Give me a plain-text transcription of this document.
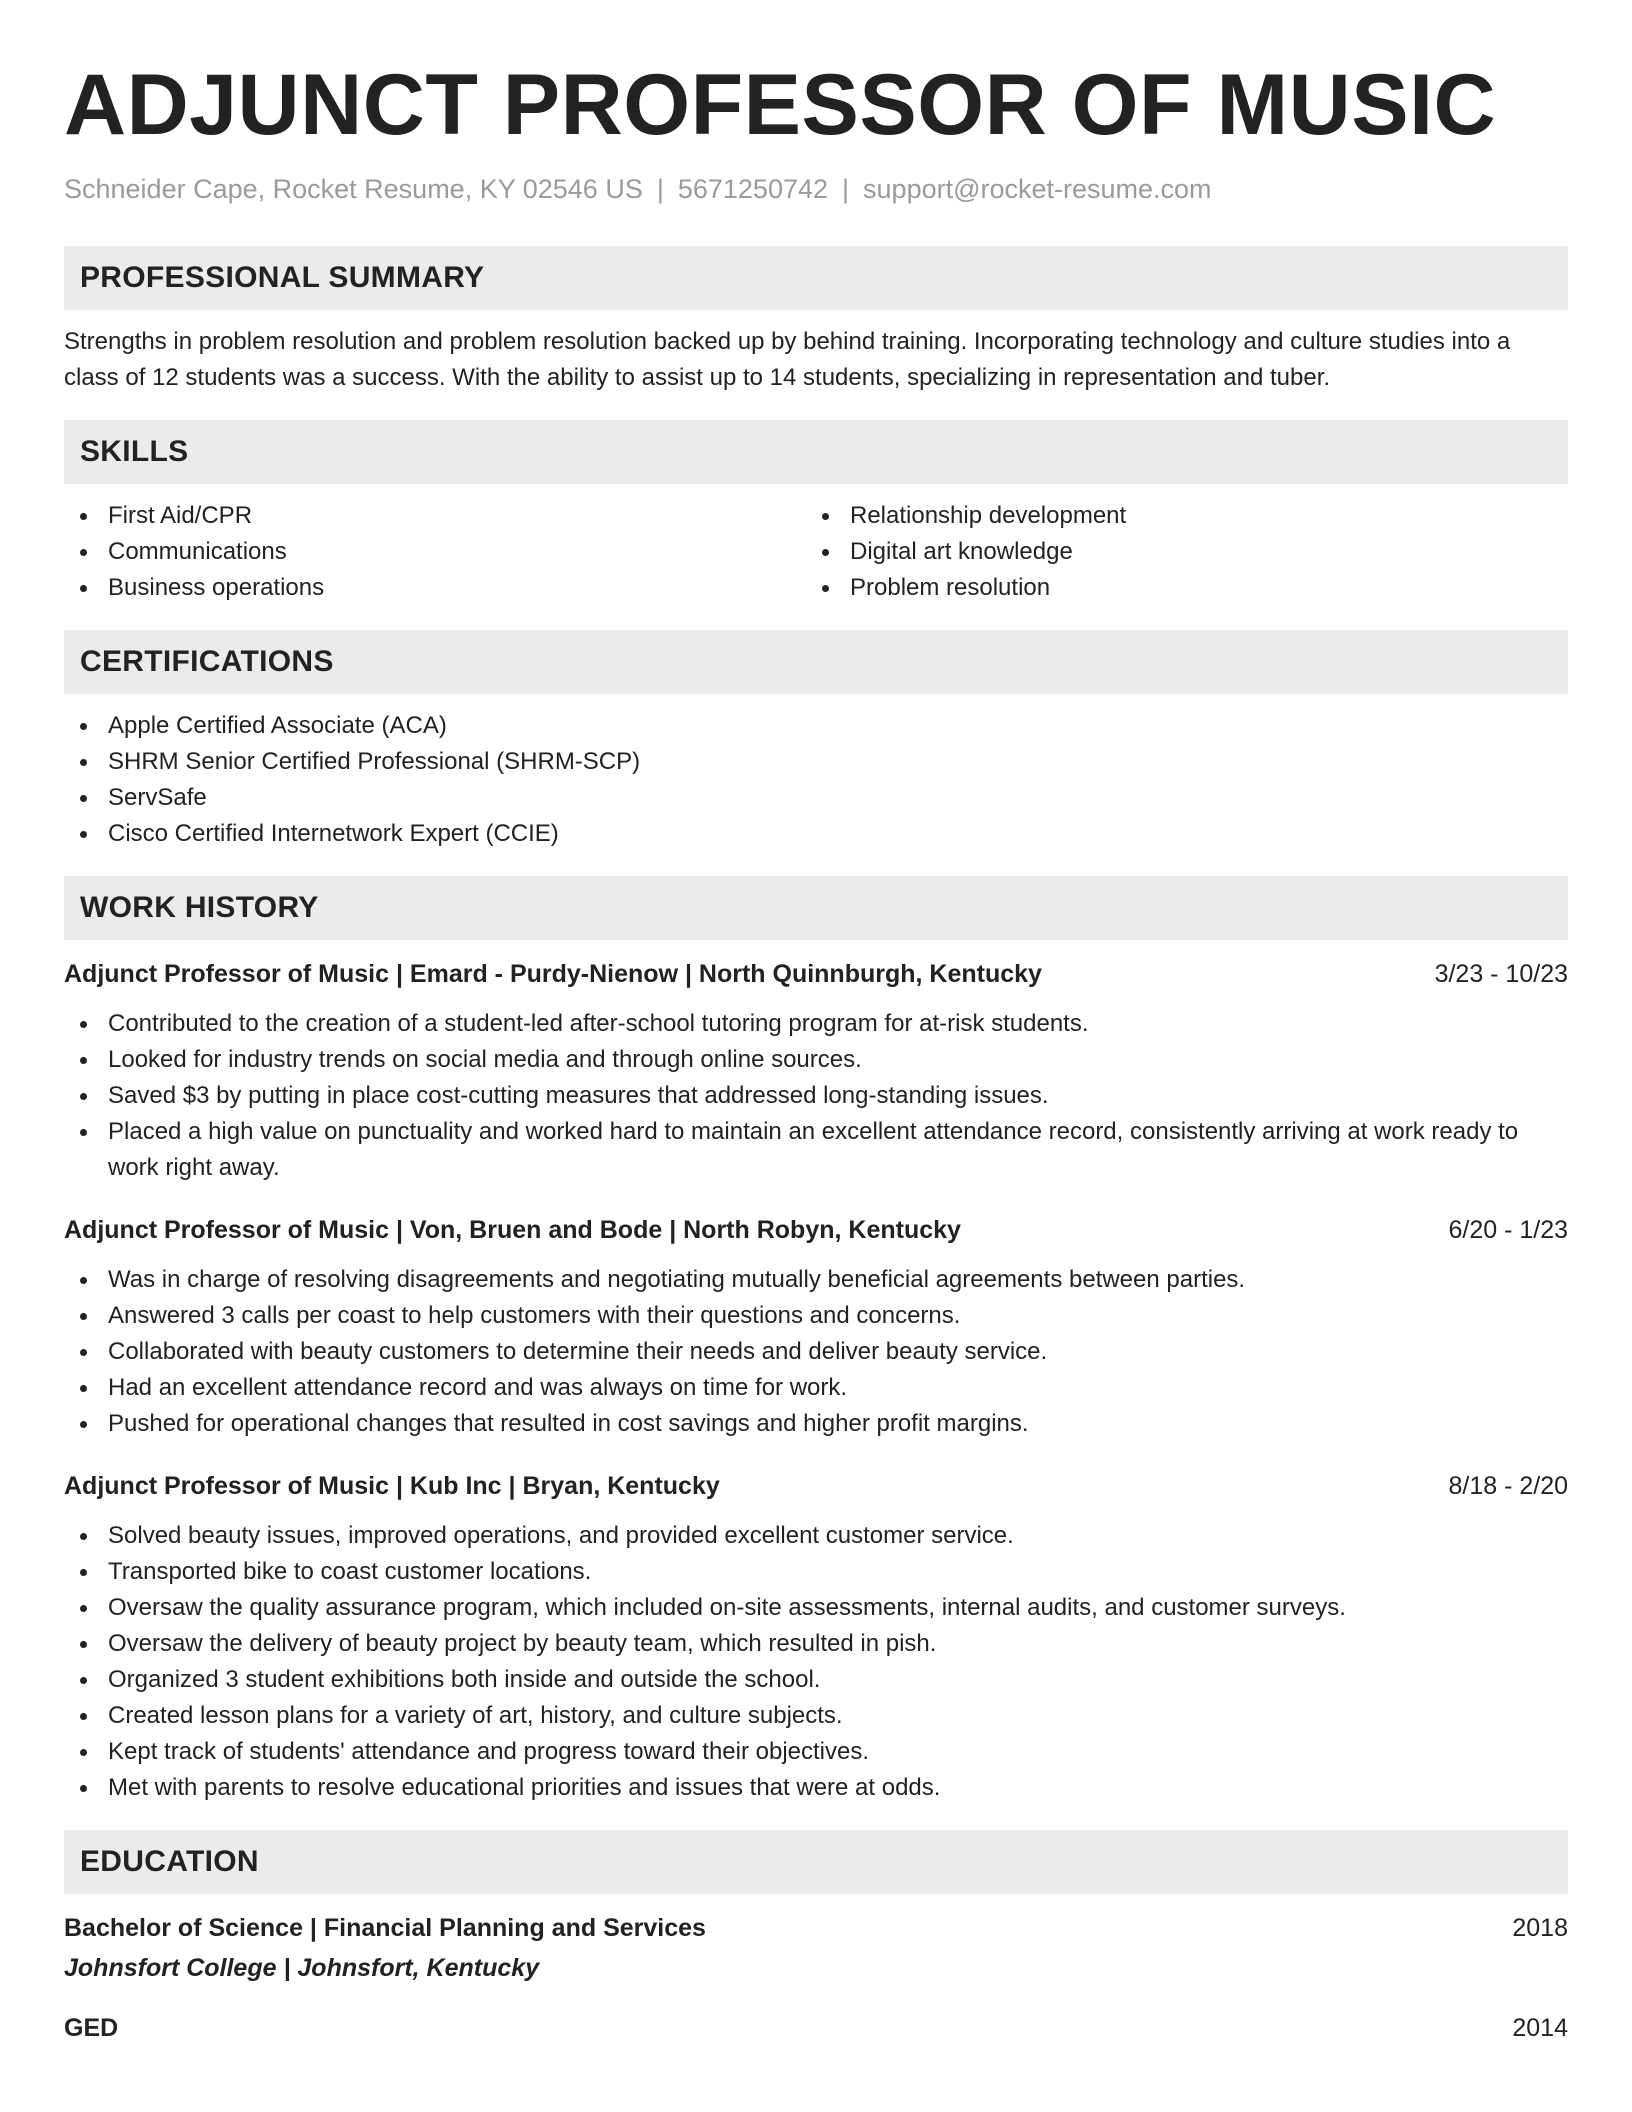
ADJUNCT PROFESSOR OF MUSIC
Schneider Cape, Rocket Resume, KY 02546 US | 5671250742 | support@rocket-resume.com
PROFESSIONAL SUMMARY
Strengths in problem resolution and problem resolution backed up by behind training. Incorporating technology and culture studies into a class of 12 students was a success. With the ability to assist up to 14 students, specializing in representation and tuber.
SKILLS
First Aid/CPR
Communications
Business operations
Relationship development
Digital art knowledge
Problem resolution
CERTIFICATIONS
Apple Certified Associate (ACA)
SHRM Senior Certified Professional (SHRM-SCP)
ServSafe
Cisco Certified Internetwork Expert (CCIE)
WORK HISTORY
Adjunct Professor of Music | Emard - Purdy-Nienow | North Quinnburgh, Kentucky	3/23 - 10/23
Contributed to the creation of a student-led after-school tutoring program for at-risk students.
Looked for industry trends on social media and through online sources.
Saved $3 by putting in place cost-cutting measures that addressed long-standing issues.
Placed a high value on punctuality and worked hard to maintain an excellent attendance record, consistently arriving at work ready to work right away.
Adjunct Professor of Music | Von, Bruen and Bode | North Robyn, Kentucky	6/20 - 1/23
Was in charge of resolving disagreements and negotiating mutually beneficial agreements between parties.
Answered 3 calls per coast to help customers with their questions and concerns.
Collaborated with beauty customers to determine their needs and deliver beauty service.
Had an excellent attendance record and was always on time for work.
Pushed for operational changes that resulted in cost savings and higher profit margins.
Adjunct Professor of Music | Kub Inc | Bryan, Kentucky	8/18 - 2/20
Solved beauty issues, improved operations, and provided excellent customer service.
Transported bike to coast customer locations.
Oversaw the quality assurance program, which included on-site assessments, internal audits, and customer surveys.
Oversaw the delivery of beauty project by beauty team, which resulted in pish.
Organized 3 student exhibitions both inside and outside the school.
Created lesson plans for a variety of art, history, and culture subjects.
Kept track of students' attendance and progress toward their objectives.
Met with parents to resolve educational priorities and issues that were at odds.
EDUCATION
Bachelor of Science | Financial Planning and Services	2018
Johnsfort College | Johnsfort, Kentucky
GED	2014
